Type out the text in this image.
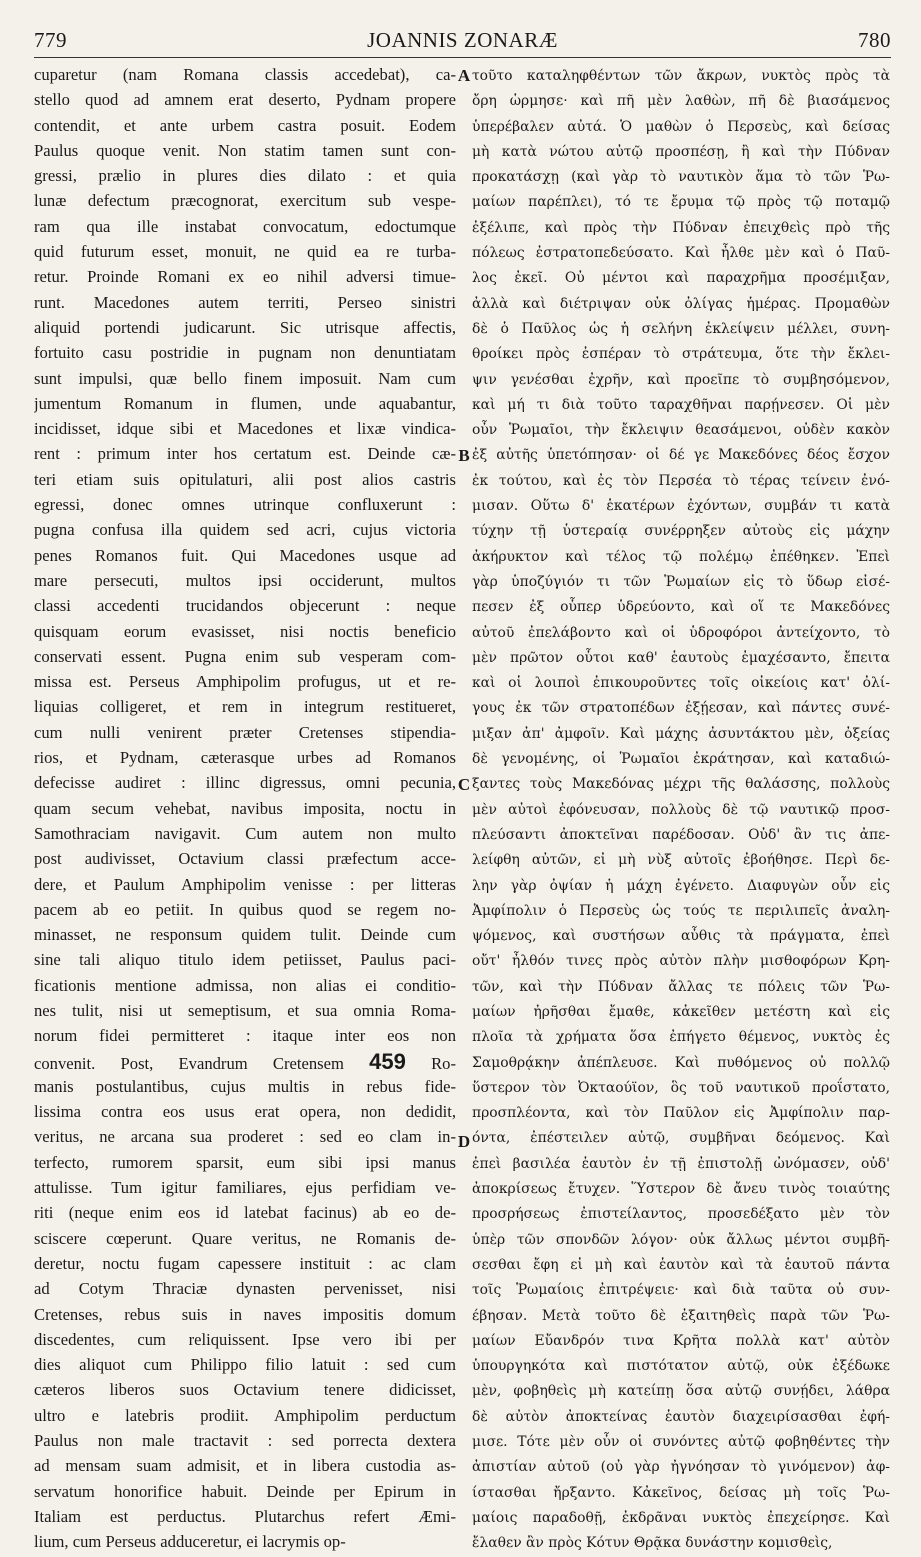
779	JOANNIS ZONARÆ	780
cuparetur (nam Romana classis accedebat), ca-
stello quod ad amnem erat deserto, Pydnam propere
contendit, et ante urbem castra posuit. Eodem
Paulus quoque venit. Non statim tamen sunt con-
gressi, prælio in plures dies dilato : et quia
lunæ defectum præcognorat, exercitum sub vespe-
ram qua ille instabat convocatum, edoctumque
quid futurum esset, monuit, ne quid ea re turba-
retur. Proinde Romani ex eo nihil adversi timue-
runt. Macedones autem territi, Perseo sinistri
aliquid portendi judicarunt. Sic utrisque affectis,
fortuito casu postridie in pugnam non denuntiatam
sunt impulsi, quæ bello finem imposuit. Nam cum
jumentum Romanum in flumen, unde aquabantur,
incidisset, idque sibi et Macedones et lixæ vindica-
rent : primum inter hos certatum est. Deinde cæ-
teri etiam suis opitulaturi, alii post alios castris
egressi, donec omnes utrinque confluxerunt :
pugna confusa illa quidem sed acri, cujus victoria
penes Romanos fuit. Qui Macedones usque ad
mare persecuti, multos ipsi occiderunt, multos
classi accedenti trucidandos objecerunt : neque
quisquam eorum evasisset, nisi noctis beneficio
conservati essent. Pugna enim sub vesperam com-
missa est. Perseus Amphipolim profugus, ut et re-
liquias colligeret, et rem in integrum restitueret,
cum nulli venirent præter Cretenses stipendia-
rios, et Pydnam, cæterasque urbes ad Romanos
defecisse audiret : illinc digressus, omni pecunia,
quam secum vehebat, navibus imposita, noctu in
Samothraciam navigavit. Cum autem non multo
post audivisset, Octavium classi præfectum acce-
dere, et Paulum Amphipolim venisse : per litteras
pacem ab eo petiit. In quibus quod se regem no-
minasset, ne responsum quidem tulit. Deinde cum
sine tali aliquo titulo idem petiisset, Paulus paci-
ficationis mentione admissa, non alias ei conditio-
nes tulit, nisi ut semeptisum, et sua omnia Roma-
norum fidei permitteret : itaque inter eos non
convenit. Post, Evandrum Cretensem 459 Ro-
manis postulantibus, cujus multis in rebus fide-
lissima contra eos usus erat opera, non dedidit,
veritus, ne arcana sua proderet : sed eo clam in-
terfecto, rumorem sparsit, eum sibi ipsi manus
attulisse. Tum igitur familiares, ejus perfidiam ve-
riti (neque enim eos id latebat facinus) ab eo de-
sciscere cœperunt. Quare veritus, ne Romanis de-
deretur, noctu fugam capessere instituit : ac clam
ad Cotym Thraciæ dynasten pervenisset, nisi
Cretenses, rebus suis in naves impositis domum
discedentes, cum reliquissent. Ipse vero ibi per
dies aliquot cum Philippo filio latuit : sed cum
cæteros liberos suos Octavium tenere didicisset,
ultro e latebris prodiit. Amphipolim perductum
Paulus non male tractavit : sed porrecta dextera
ad mensam suam admisit, et in libera custodia as-
servatum honorifice habuit. Deinde per Epirum in
Italiam est perductus. Plutarchus refert Æmi-
lium, cum Perseus adduceretur, ei lacrymis op-
τοῦτο καταληφθέντων τῶν ἄκρων, νυκτὸς πρὸς τὰ
ὄρη ὡρμησε· καὶ πῆ μὲν λαθὼν, πῆ δὲ βιασάμενος
ὑπερέβαλεν αὐτά. Ὁ μαθὼν ὁ Περσεὺς, καὶ δείσας
μὴ κατὰ νώτου αὐτῷ προσπέσῃ, ἢ καὶ τὴν Πύδναν
προκατάσχῃ (καὶ γὰρ τὸ ναυτικὸν ἅμα τὸ τῶν Ῥω-
μαίων παρέπλει), τό τε ἔρυμα τῷ πρὸς τῷ ποταμῷ
ἐξέλιπε, καὶ πρὸς τὴν Πύδναν ἐπειχθεὶς πρὸ τῆς
πόλεως ἐστρατοπεδεύσατο. Καὶ ἦλθε μὲν καὶ ὁ Παῦ-
λος ἐκεῖ. Οὐ μέντοι καὶ παραχρῆμα προσέμιξαν,
ἀλλὰ καὶ διέτριψαν οὐκ ὀλίγας ἡμέρας. Προμαθὼν
δὲ ὁ Παῦλος ὡς ἡ σελήνη ἐκλείψειν μέλλει, συνη-
θροίκει πρὸς ἑσπέραν τὸ στράτευμα, ὅτε τὴν ἔκλει-
ψιν γενέσθαι ἐχρῆν, καὶ προεῖπε τὸ συμβησόμενον,
καὶ μή τι διὰ τοῦτο ταραχθῆναι παρῄνεσεν. Οἱ μὲν
οὖν Ῥωμαῖοι, τὴν ἔκλειψιν θεασάμενοι, οὐδὲν κακὸν
ἐξ αὐτῆς ὑπετόπησαν· οἱ δέ γε Μακεδόνες δέος ἔσχον
ἐκ τούτου, καὶ ἐς τὸν Περσέα τὸ τέρας τείνειν ἐνό-
μισαν. Οὕτω δ' ἑκατέρων ἐχόντων, συμβάν τι κατὰ
τύχην τῇ ὑστεραίᾳ συνέρρηξεν αὐτοὺς εἰς μάχην
ἀκήρυκτον καὶ τέλος τῷ πολέμῳ ἐπέθηκεν. Ἐπεὶ
γὰρ ὑποζύγιόν τι τῶν Ῥωμαίων εἰς τὸ ὕδωρ εἰσέ-
πεσεν ἐξ οὗπερ ὑδρεύοντο, καὶ οἵ τε Μακεδόνες
αὐτοῦ ἐπελάβοντο καὶ οἱ ὑδροφόροι ἀντείχοντο, τὸ
μὲν πρῶτον οὗτοι καθ' ἑαυτοὺς ἐμαχέσαντο, ἔπειτα
καὶ οἱ λοιποὶ ἐπικουροῦντες τοῖς οἰκείοις κατ' ὀλί-
γους ἐκ τῶν στρατοπέδων ἐξῄεσαν, καὶ πάντες συνέ-
μιξαν ἀπ' ἀμφοῖν. Καὶ μάχης ἀσυντάκτου μὲν, ὀξείας
δὲ γενομένης, οἱ Ῥωμαῖοι ἐκράτησαν, καὶ καταδιώ-
ξαντες τοὺς Μακεδόνας μέχρι τῆς θαλάσσης, πολλοὺς
μὲν αὐτοὶ ἐφόνευσαν, πολλοὺς δὲ τῷ ναυτικῷ προσ-
πλεύσαντι ἀποκτεῖναι παρέδοσαν. Οὐδ' ἂν τις ἀπε-
λείφθη αὐτῶν, εἰ μὴ νὺξ αὐτοῖς ἐβοήθησε. Περὶ δε-
λην γὰρ ὀψίαν ἡ μάχη ἐγένετο. Διαφυγὼν οὖν εἰς
Ἀμφίπολιν ὁ Περσεὺς ὡς τούς τε περιλιπεῖς ἀναλη-
ψόμενος, καὶ συστήσων αὖθις τὰ πράγματα, ἐπεὶ
οὔτ' ἦλθόν τινες πρὸς αὐτὸν πλὴν μισθοφόρων Κρη-
τῶν, καὶ τὴν Πύδναν ἄλλας τε πόλεις τῶν Ῥω-
μαίων ἠρῆσθαι ἔμαθε, κἀκεῖθεν μετέστη καὶ εἰς
πλοῖα τὰ χρήματα ὅσα ἐπήγετο θέμενος, νυκτὸς ἐς
Σαμοθρᾴκην ἀπέπλευσε. Καὶ πυθόμενος οὐ πολλῷ
ὕστερον τὸν Ὀκταούϊον, ὃς τοῦ ναυτικοῦ προΐστατο,
προσπλέοντα, καὶ τὸν Παῦλον εἰς Ἀμφίπολιν παρ-
όντα, ἐπέστειλεν αὐτῷ, συμβῆναι δεόμενος. Καὶ
ἐπεὶ βασιλέα ἑαυτὸν ἐν τῇ ἐπιστολῇ ὠνόμασεν, οὐδ'
ἀποκρίσεως ἔτυχεν. Ὕστερον δὲ ἄνευ τινὸς τοιαύτης
προσρήσεως ἐπιστείλαντος, προσεδέξατο μὲν τὸν
ὑπὲρ τῶν σπονδῶν λόγον· οὐκ ἄλλως μέντοι συμβῆ-
σεσθαι ἔφη εἰ μὴ καὶ ἑαυτὸν καὶ τὰ ἑαυτοῦ πάντα
τοῖς Ῥωμαίοις ἐπιτρέψειε· καὶ διὰ ταῦτα οὐ συν-
έβησαν. Μετὰ τοῦτο δὲ ἐξαιτηθεὶς παρὰ τῶν Ῥω-
μαίων Εὔανδρόν τινα Κρῆτα πολλὰ κατ' αὐτὸν
ὑπουργηκότα καὶ πιστότατον αὐτῷ, οὐκ ἐξέδωκε
μὲν, φοβηθεὶς μὴ κατείπῃ ὅσα αὐτῷ συνῄδει, λάθρα
δὲ αὐτὸν ἀποκτείνας ἑαυτὸν διαχειρίσασθαι ἐφή-
μισε. Τότε μὲν οὖν οἱ συνόντες αὐτῷ φοβηθέντες τὴν
ἀπιστίαν αὐτοῦ (οὐ γὰρ ἠγνόησαν τὸ γινόμενον) ἀφ-
ίστασθαι ἤρξαντο. Κἀκεῖνος, δείσας μὴ τοῖς Ῥω-
μαίοις παραδοθῇ, ἐκδρᾶναι νυκτὸς ἐπεχείρησε. Καὶ
ἔλαθεν ἂν πρὸς Κότυν Θρᾷκα δυνάστην κομισθεὶς,
A
B
C
D
